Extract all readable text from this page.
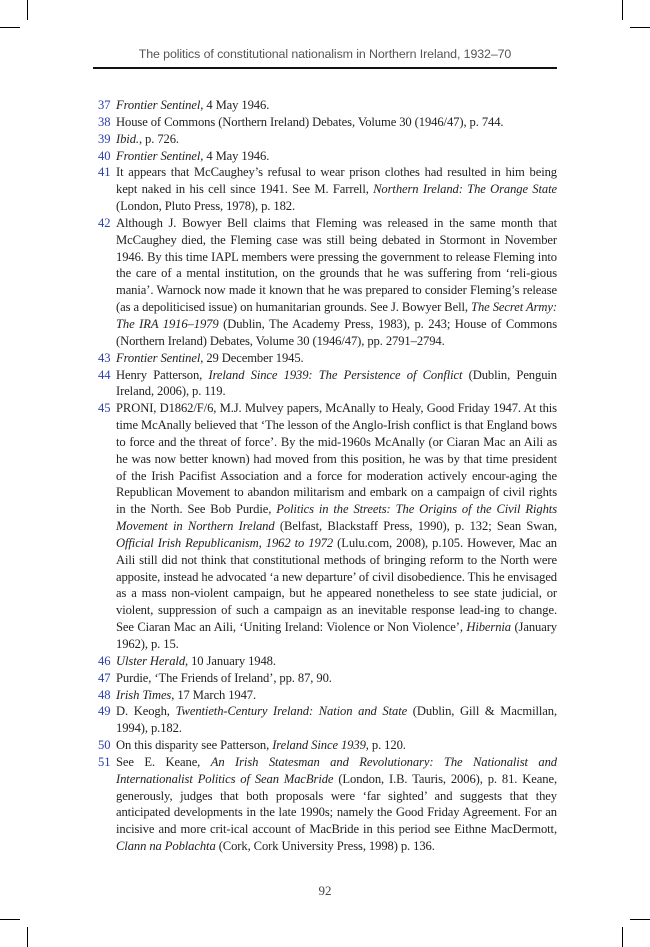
The politics of constitutional nationalism in Northern Ireland, 1932–70
37 Frontier Sentinel, 4 May 1946.
38 House of Commons (Northern Ireland) Debates, Volume 30 (1946/47), p. 744.
39 Ibid., p. 726.
40 Frontier Sentinel, 4 May 1946.
41 It appears that McCaughey’s refusal to wear prison clothes had resulted in him being kept naked in his cell since 1941. See M. Farrell, Northern Ireland: The Orange State (London, Pluto Press, 1978), p. 182.
42 Although J. Bowyer Bell claims that Fleming was released in the same month that McCaughey died, the Fleming case was still being debated in Stormont in November 1946. By this time IAPL members were pressing the government to release Fleming into the care of a mental institution, on the grounds that he was suffering from ‘reli-gious mania’. Warnock now made it known that he was prepared to consider Fleming’s release (as a depoliticised issue) on humanitarian grounds. See J. Bowyer Bell, The Secret Army: The IRA 1916–1979 (Dublin, The Academy Press, 1983), p. 243; House of Commons (Northern Ireland) Debates, Volume 30 (1946/47), pp. 2791–2794.
43 Frontier Sentinel, 29 December 1945.
44 Henry Patterson, Ireland Since 1939: The Persistence of Conflict (Dublin, Penguin Ireland, 2006), p. 119.
45 PRONI, D1862/F/6, M.J. Mulvey papers, McAnally to Healy, Good Friday 1947. At this time McAnally believed that ‘The lesson of the Anglo-Irish conflict is that England bows to force and the threat of force’. By the mid-1960s McAnally (or Ciaran Mac an Aili as he was now better known) had moved from this position, he was by that time president of the Irish Pacifist Association and a force for moderation actively encour-aging the Republican Movement to abandon militarism and embark on a campaign of civil rights in the North. See Bob Purdie, Politics in the Streets: The Origins of the Civil Rights Movement in Northern Ireland (Belfast, Blackstaff Press, 1990), p. 132; Sean Swan, Official Irish Republicanism, 1962 to 1972 (Lulu.com, 2008), p.105. However, Mac an Aili still did not think that constitutional methods of bringing reform to the North were apposite, instead he advocated ‘a new departure’ of civil disobedience. This he envisaged as a mass non-violent campaign, but he appeared nonetheless to see state judicial, or violent, suppression of such a campaign as an inevitable response lead-ing to change. See Ciaran Mac an Aili, ‘Uniting Ireland: Violence or Non Violence’, Hibernia (January 1962), p. 15.
46 Ulster Herald, 10 January 1948.
47 Purdie, ‘The Friends of Ireland’, pp. 87, 90.
48 Irish Times, 17 March 1947.
49 D. Keogh, Twentieth-Century Ireland: Nation and State (Dublin, Gill & Macmillan, 1994), p.182.
50 On this disparity see Patterson, Ireland Since 1939, p. 120.
51 See E. Keane, An Irish Statesman and Revolutionary: The Nationalist and Internationalist Politics of Sean MacBride (London, I.B. Tauris, 2006), p. 81. Keane, generously, judges that both proposals were ‘far sighted’ and suggests that they anticipated developments in the late 1990s; namely the Good Friday Agreement. For an incisive and more crit-ical account of MacBride in this period see Eithne MacDermott, Clann na Poblachta (Cork, Cork University Press, 1998) p. 136.
92
